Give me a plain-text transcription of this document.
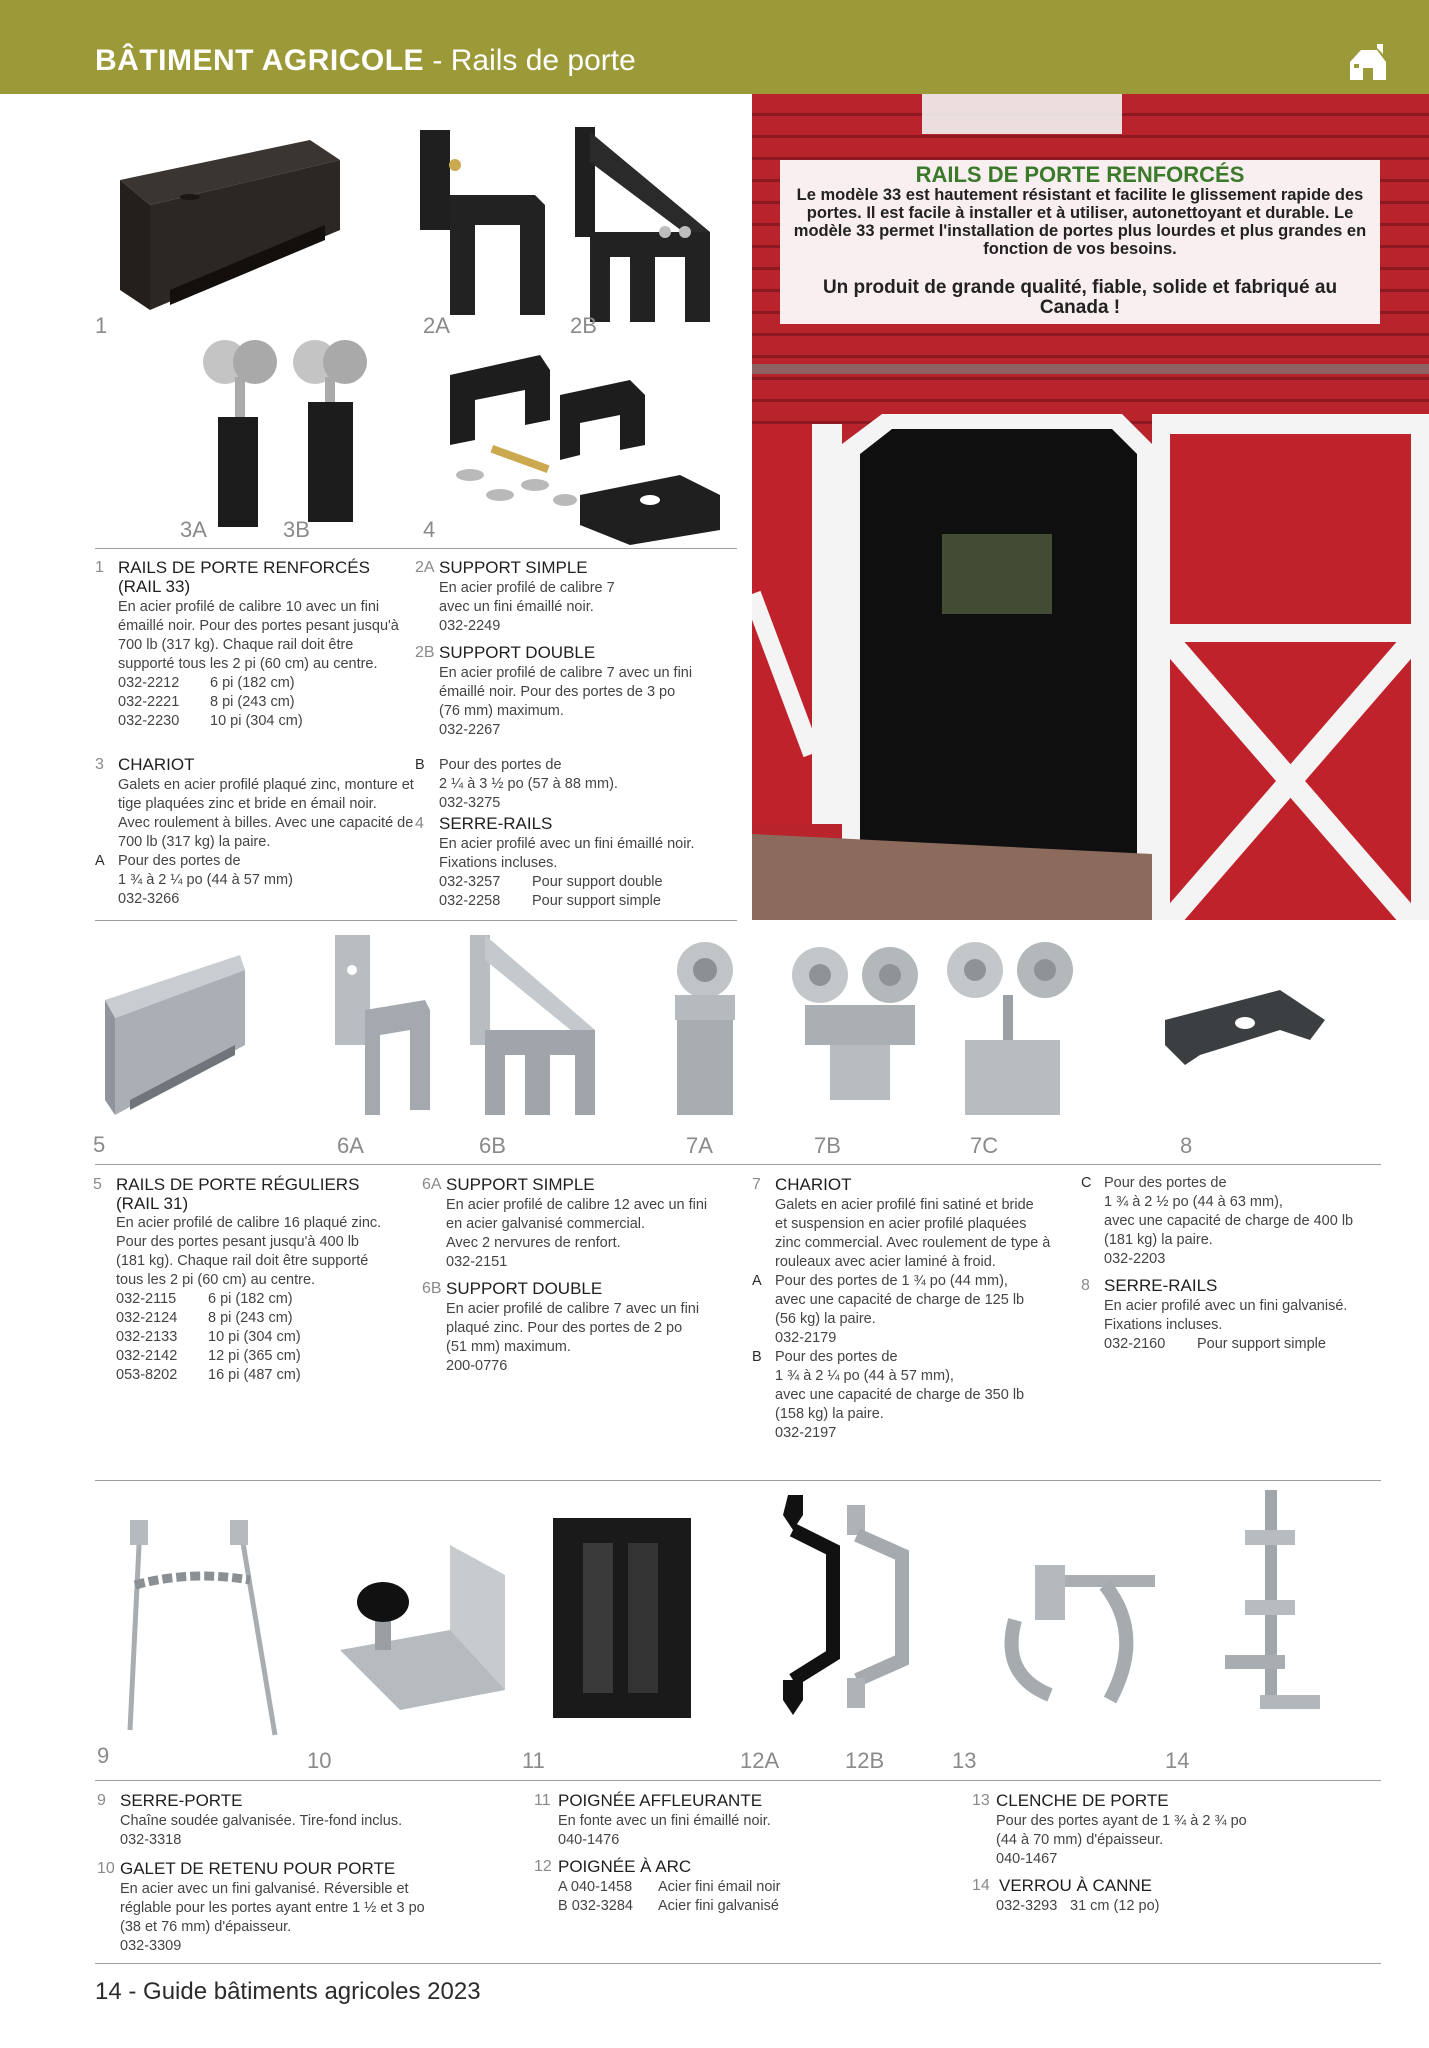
BÂTIMENT AGRICOLE - Rails de porte
RAILS DE PORTE RENFORCÉS
Le modèle 33 est hautement résistant et facilite le glissement rapide des portes. Il est facile à installer et à utiliser, autonettoyant et durable. Le modèle 33 permet l'installation de portes plus lourdes et plus grandes en fonction de vos besoins.
Un produit de grande qualité, fiable, solide et fabriqué au Canada !
1	2A	2B
3A	3B	4
1 RAILS DE PORTE RENFORCÉS
(RAIL 33)
En acier profilé de calibre 10 avec un fini
émaillé noir. Pour des portes pesant jusqu'à
700 lb (317 kg). Chaque rail doit être
supporté tous les 2 pi (60 cm) au centre.
032-2212 6 pi (182 cm)
032-2221 8 pi (243 cm)
032-2230 10 pi (304 cm)
2A SUPPORT SIMPLE
En acier profilé de calibre 7
avec un fini émaillé noir.
032-2249
2B SUPPORT DOUBLE
En acier profilé de calibre 7 avec un fini
émaillé noir. Pour des portes de 3 po
(76 mm) maximum.
032-2267
3 CHARIOT
Galets en acier profilé plaqué zinc, monture et
tige plaquées zinc et bride en émail noir.
Avec roulement à billes. Avec une capacité de
700 lb (317 kg) la paire.
A Pour des portes de
1 ¾ à 2 ¼ po (44 à 57 mm)
032-3266
B Pour des portes de
2 ¼ à 3 ½ po (57 à 88 mm).
032-3275
4 SERRE-RAILS
En acier profilé avec un fini émaillé noir.
Fixations incluses.
032-3257 Pour support double
032-2258 Pour support simple
5	6A	6B	7A	7B	7C	8
5 RAILS DE PORTE RÉGULIERS
(RAIL 31)
En acier profilé de calibre 16 plaqué zinc.
Pour des portes pesant jusqu'à 400 lb
(181 kg). Chaque rail doit être supporté
tous les 2 pi (60 cm) au centre.
032-2115 6 pi (182 cm)
032-2124 8 pi (243 cm)
032-2133 10 pi (304 cm)
032-2142 12 pi (365 cm)
053-8202 16 pi (487 cm)
6A SUPPORT SIMPLE
En acier profilé de calibre 12 avec un fini
en acier galvanisé commercial.
Avec 2 nervures de renfort.
032-2151
6B SUPPORT DOUBLE
En acier profilé de calibre 7 avec un fini
plaqué zinc. Pour des portes de 2 po
(51 mm) maximum.
200-0776
7 CHARIOT
Galets en acier profilé fini satiné et bride
et suspension en acier profilé plaquées
zinc commercial. Avec roulement de type à
rouleaux avec acier laminé à froid.
A Pour des portes de 1 ¾ po (44 mm),
avec une capacité de charge de 125 lb
(56 kg) la paire.
032-2179
B Pour des portes de
1 ¾ à 2 ¼ po (44 à 57 mm),
avec une capacité de charge de 350 lb
(158 kg) la paire.
032-2197
C Pour des portes de
1 ¾ à 2 ½ po (44 à 63 mm),
avec une capacité de charge de 400 lb
(181 kg) la paire.
032-2203
8 SERRE-RAILS
En acier profilé avec un fini galvanisé.
Fixations incluses.
032-2160 Pour support simple
9	10	11	12A	12B	13	14
9 SERRE-PORTE
Chaîne soudée galvanisée. Tire-fond inclus.
032-3318
10 GALET DE RETENU POUR PORTE
En acier avec un fini galvanisé. Réversible et
réglable pour les portes ayant entre 1 ½ et 3 po
(38 et 76 mm) d'épaisseur.
032-3309
11 POIGNÉE AFFLEURANTE
En fonte avec un fini émaillé noir.
040-1476
12 POIGNÉE À ARC
A 040-1458 Acier fini émail noir
B 032-3284 Acier fini galvanisé
13 CLENCHE DE PORTE
Pour des portes ayant de 1 ¾ à 2 ¾ po
(44 à 70 mm) d'épaisseur.
040-1467
14 VERROU À CANNE
032-3293 31 cm (12 po)
14 - Guide bâtiments agricoles 2023
